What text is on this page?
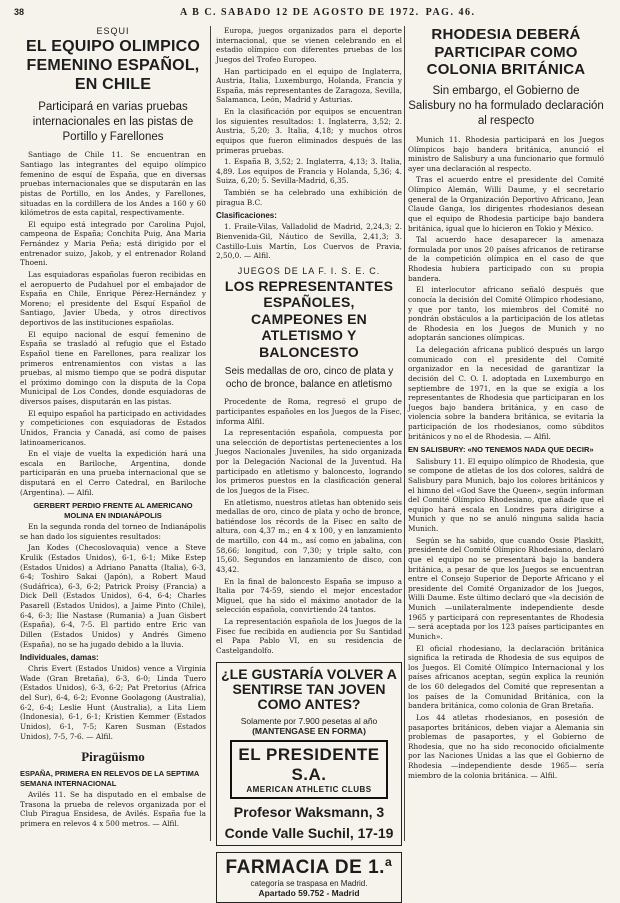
38	A B C. SABADO 12 DE AGOSTO DE 1972. PAG. 46.
ESQUI
EL EQUIPO OLIMPICO FEMENINO ESPAÑOL, EN CHILE
Participará en varias pruebas internacionales en las pistas de Portillo y Farellones

Santiago de Chile 11. Se encuentran en Santiago las integrantes del equipo olímpico femenino de esquí de España, que en diversas pruebas internacionales que se disputarán en las pistas de Portillo, en los Andes, y Farellones, situadas en la cordillera de los Andes a 160 y 60 kilómetros de esta capital, respectivamente.

El equipo está integrado por Carolina Pujol, campeona de España; Conchita Puig, Ana Maria Fernández y Maria Peña; está dirigido por el entrenador suizo, Jakob, y el entrenador Roland Thoeni.

Las esquiadoras españolas fueron recibidas en el aeropuerto de Pudahuel por el embajador de España en Chile, Enrique Pérez-Hernández y Moreno; el presidente del Esquí Español de Santiago, Javier Ubeda, y otros directivos deportivos de las instituciones españolas.

El equipo nacional de esquí femenino de España se trasladó al refugio que el Estado Español tiene en Farellones, para realizar los primeros entrenamientos con vistas a las pruebas, al mismo tiempo que se podrá disputar el próximo domingo con la disputa de la Copa Municipal de Los Condes, donde esquiadoras de diversos países, disputarán en las pistas.

El equipo español ha participado en actividades y competiciones con esquiadoras de Estados Unidos, Francia y Canadá, así como de países latinoamericanos.

En el viaje de vuelta la expedición hará una escala en Bariloche, Argentina, donde participarán en una prueba internacional que se disputará en el Cerro Catedral, en Bariloche (Argentina). — Alfil.

GERBERT PERDIO FRENTE AL AMERICANO MOLINA EN INDIANÁPOLIS

En la segunda ronda del torneo de Indianápolis se han dado los siguientes resultados:

Jan Kodes (Checoslovaquia) vence a Steve Krulik (Estados Unidos), 6-1, 6-1; Mike Estep (Estados Unidos) a Adriano Panatta (Italia), 6-3, 6-4; Toshiro Sakai (Japón), a Robert Maud (Sudáfrica), 6-3, 6-2; Patrick Proisy (Francia) a Dick Dell (Estados Unidos), 6-4, 6-4; Charles Pasarell (Estados Unidos), a Jaime Pinto (Chile), 6-4, 6-3; Ilie Nastase (Rumania) a Juan Gisbert (España), 6-4, 7-5. El partido entre Eric van Dillen (Estados Unidos) y Andrés Gimeno (España), no se ha jugado debido a la lluvia.

Individuales, damas:

Chris Evert (Estados Unidos) vence a Virginia Wade (Gran Bretaña), 6-3, 6-0; Linda Tuero (Estados Unidos), 6-3, 6-2; Pat Pretorius (Africa del Sur), 6-4, 6-2; Evonne Goolagong (Australia), 6-2, 6-4; Leslie Hunt (Australia), a Lita Liem (Indonesia), 6-1, 6-1; Kristien Kemmer (Estados Unidos), 6-1, 7-5; Karen Susman (Estados Unidos), 7-5, 7-6. — Alfil.

Piragüismo
ESPAÑA, PRIMERA EN RELEVOS DE LA SEPTIMA SEMANA INTERNACIONAL

Avilés 11. Se ha disputado en el embalse de Trasona la prueba de relevos organizada por el Club Piragua Ensidesa, de Avilés. España fue la primera en relevos 4 x 500 metros. — Alfil.

Europa, juegos organizados para el deporte internacional, que se vienen celebrando en el estadio olímpico con diferentes pruebas de los Juegos del Trofeo Europeo.

Han participado en el equipo de Inglaterra, Austria, Italia, Luxemburgo, Holanda, Francia y España, más representantes de Zaragoza, Sevilla, Salamanca, León, Madrid y Asturias.

En la clasificación por equipos se encuentran los siguientes resultados: 1. Inglaterra, 3,52; 2. Austria, 5,20; 3. Italia, 4,18; y muchos otros equipos que fueron eliminados después de las primeras pruebas.

1. España B, 3,52; 2. Inglaterra, 4,13; 3. Italia, 4,89. Los equipos de Francia y Holanda, 5,36; 4. Suiza, 6,20; 5. Sevilla-Madrid, 6,35.

También se ha celebrado una exhibición de piragua B.C.

Clasificaciones:

1. Fraile-Vilas, Valladolid de Madrid, 2,24,3; 2. Bienvenida-Gil, Náutico de Sevilla, 2,41,3; 3. Castillo-Luis Martín, Los Cuervos de Pravia, 2,50,0. — Alfil.

JUEGOS DE LA F. I. S. E. C.
LOS REPRESENTANTES ESPAÑOLES, CAMPEONES EN ATLETISMO Y BALONCESTO
Seis medallas de oro, cinco de plata y ocho de bronce, balance en atletismo

Procedente de Roma, regresó el grupo de participantes españoles en los Juegos de la Fisec, informa Alfil.

La representación española, compuesta por una selección de deportistas pertenecientes a los Juegos Nacionales Juveniles, ha sido organizada por la Delegación Nacional de la Juventud. Ha participado en atletismo y baloncesto, logrando los primeros puestos en la clasificación general de los Juegos de la Fisec.

En atletismo, nuestros atletas han obtenido seis medallas de oro, cinco de plata y ocho de bronce, batiéndose los récords de la Fisec en salto de altura, con 4,37 m.; en 4 x 100, y en lanzamiento de martillo, con 44 m., así como en jabalina, con 58,66; longitud, con 7,30; y triple salto, con 15,60. Segundos en lanzamiento de disco, con 43,42.

En la final de baloncesto España se impuso a Italia por 74-59, siendo el mejor encestador Miguel, que ha sido el máximo anotador de la selección española, convirtiendo 24 tantos.

La representación española de los Juegos de la Fisec fue recibida en audiencia por Su Santidad el Papa Pablo VI, en su residencia de Castelgandolfo.

¿LE GUSTARÍA VOLVER A SENTIRSE TAN JOVEN COMO ANTES?
Solamente por 7.900 pesetas al año
(MANTENGASE EN FORMA)
EL PRESIDENTE S.A.
AMERICAN ATHLETIC CLUBS
Profesor Waksmann, 3
Conde Valle Suchil, 17-19
FARMACIA DE 1.ª
categoría se traspasa en Madrid.
Apartado 59.752 - Madrid
RHODESIA DEBERÁ PARTICIPAR COMO COLONIA BRITÁNICA
Sin embargo, el Gobierno de Salisbury no ha formulado declaración al respecto

Munich 11. Rhodesia participará en los Juegos Olímpicos bajo bandera británica, anunció el ministro de Salisbury a una funcionario que formuló ayer una declaración al respecto.

Tras el acuerdo entre el presidente del Comité Olímpico Alemán, Willi Daume, y el secretario general de la Organización Deportivo Africano, Jean Claude Ganga, los dirigentes rhodesianos desean que el equipo de Rhodesia participe bajo bandera británica, igual que lo hicieron en Tokio y México.

Tal acuerdo hace desaparecer la amenaza formulada por unos 20 países africanos de retirarse de la competición olímpica en el caso de que Rhodesia hubiera participado con su propia bandera.

El interlocutor africano señaló después que conocía la decisión del Comité Olímpico rhodesiano, y que por tanto, los miembros del Comité no pondrán obstáculos a la participación de los atletas de Rhodesia en los Juegos de Munich y no adoptarán sanciones olímpicas.

La delegación africana publicó después un largo comunicado con el presidente del Comité organizador en la necesidad de garantizar la decisión del C. O. I. adoptada en Luxemburgo en septiembre de 1971, en la que se exigía a los representantes de Rhodesia que participaran en los Juegos bajo bandera británica, y en caso de violencia sobre la bandera británica, se evitaría la participación de los rhodesianos, como súbditos británicos y no el de Rhodesia. — Alfil.

EN SALISBURY: «NO TENEMOS NADA QUE DECIR»

Salisbury 11. El equipo olímpico de Rhodesia, que se compone de atletas de los dos colores, saldrá de Salisbury para Munich, bajo los colores británicos y el himno del «God Save the Queen», según informan del Comité Olímpico Rhodesiano, que añade que el equipo hará escala en Londres para dirigirse a Munich y que no se anuló ninguna salida hacia Munich.

Según se ha sabido, que cuando Ossie Plaskitt, presidente del Comité Olímpico Rhodesiano, declaró que el equipo no se presentará bajo la bandera británica, a pesar de que los Juegos se encuentran entre el Consejo Superior de Deporte Africano y el presidente del Comité Organizador de los Juegos, Willi Daume. Este último declaró que «la decisión de Munich —unilateralmente independiente desde 1965 y participará con representantes de Rhodesia— será aceptada por los 123 países participantes en Munich».

El oficial rhodesiano, la declaración británica significa la retirada de Rhodesia de sus equipos de los Juegos. El Comité Olímpico Internacional y los países africanos aceptan, según explica la reunión de los 60 delegados del Comité que representan a los países de la Comunidad Británica, con la bandera británica, como colonia de Gran Bretaña.

Los 44 atletas rhodesianos, en posesión de pasaportes británicos, deben viajar a Alemania sin problemas de pasaportes, y el Gobierno de Rhodesia, que no ha sido reconocido oficialmente por las Naciones Unidas a las que el Gobierno de Rhodesia —independiente desde 1965— sería miembro de la colonia británica. — Alfil.
